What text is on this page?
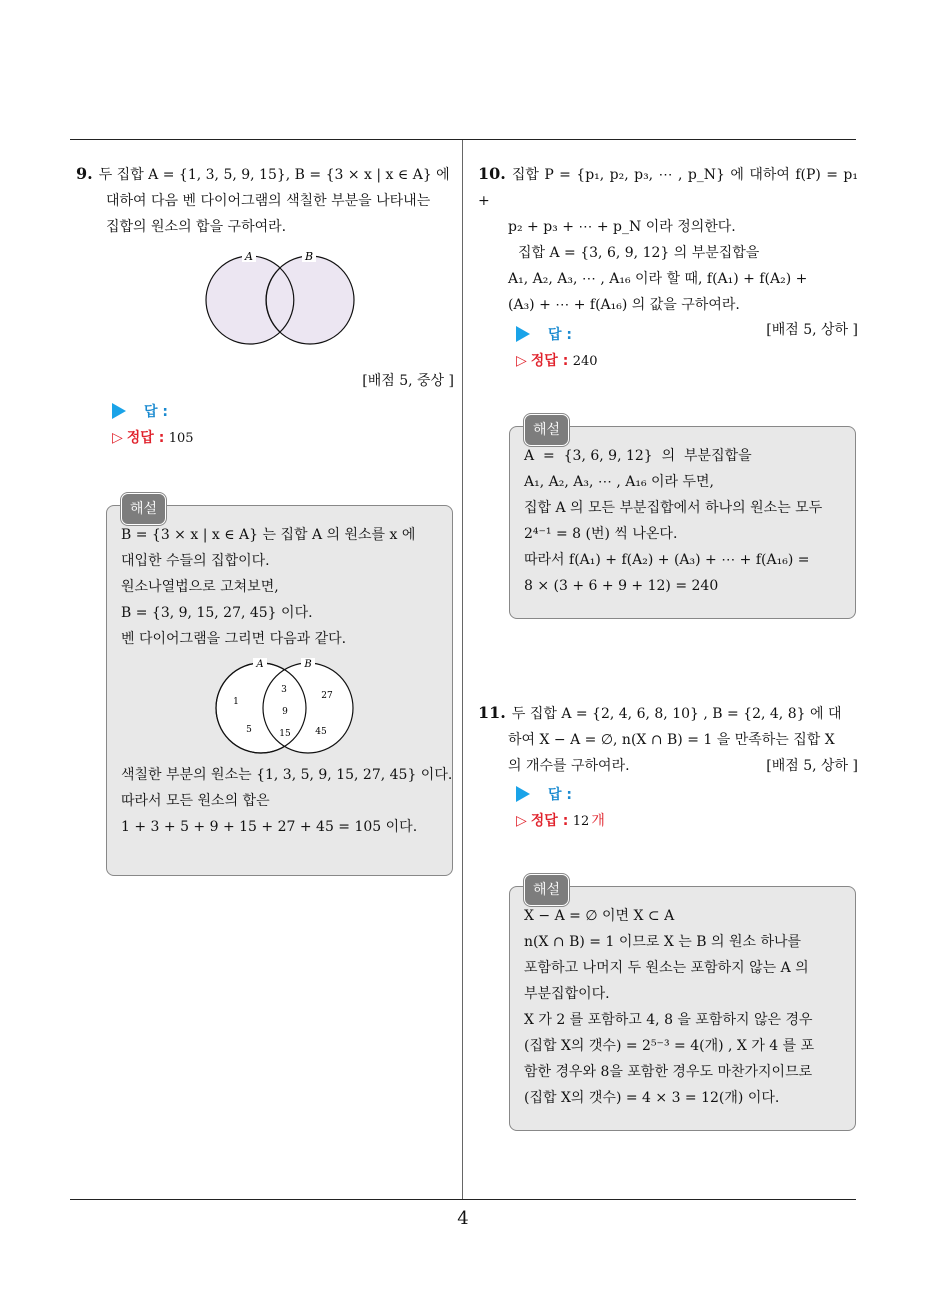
9. 두 집합 A = {1, 3, 5, 9, 15}, B = {3 × x | x ∈ A} 에
대하여 다음 벤 다이어그램의 색칠한 부분을 나타내는
집합의 원소의 합을 구하여라.
A	B
[배점 5, 중상 ]
답 :
▷ 정답 : 105
해설
B = {3 × x | x ∈ A} 는 집합 A 의 원소를 x 에
대입한 수들의 집합이다.
원소나열법으로 고쳐보면,
B = {3, 9, 15, 27, 45} 이다.
벤 다이어그램을 그리면 다음과 같다.
A	B
1
5
3
9
15
27
45
색칠한 부분의 원소는 {1, 3, 5, 9, 15, 27, 45} 이다.
따라서 모든 원소의 합은
1 + 3 + 5 + 9 + 15 + 27 + 45 = 105 이다.
10. 집합 P = {p₁, p₂, p₃, ⋯ , p_N} 에 대하여 f(P) = p₁ +
p₂ + p₃ + ⋯ + p_N 이라 정의한다.
집합 A = {3, 6, 9, 12} 의 부분집합을
A₁, A₂, A₃, ⋯ , A₁₆ 이라 할 때, f(A₁) + f(A₂) +
(A₃) + ⋯ + f(A₁₆) 의 값을 구하여라.
[배점 5, 상하 ]
답 :
▷ 정답 : 240
해설
A  =  {3, 6, 9, 12}  의  부분집합을
A₁, A₂, A₃, ⋯ , A₁₆ 이라 두면,
집합 A 의 모든 부분집합에서 하나의 원소는 모두
2⁴⁻¹ = 8 (번) 씩 나온다.
따라서 f(A₁) + f(A₂) + (A₃) + ⋯ + f(A₁₆) =
8 × (3 + 6 + 9 + 12) = 240
11. 두 집합 A = {2, 4, 6, 8, 10} , B = {2, 4, 8} 에 대
하여 X − A = ∅, n(X ∩ B) = 1 을 만족하는 집합 X
의 개수를 구하여라.	[배점 5, 상하 ]
답 :
▷ 정답 : 12 개
해설
X − A = ∅ 이면 X ⊂ A
n(X ∩ B) = 1 이므로 X 는 B 의 원소 하나를
포함하고 나머지 두 원소는 포함하지 않는 A 의
부분집합이다.
X 가 2 를 포함하고 4, 8 을 포함하지 않은 경우
(집합 X의 갯수) = 2⁵⁻³ = 4(개) , X 가 4 를 포
함한 경우와 8을 포함한 경우도 마찬가지이므로
(집합 X의 갯수) = 4 × 3 = 12(개) 이다.
4
